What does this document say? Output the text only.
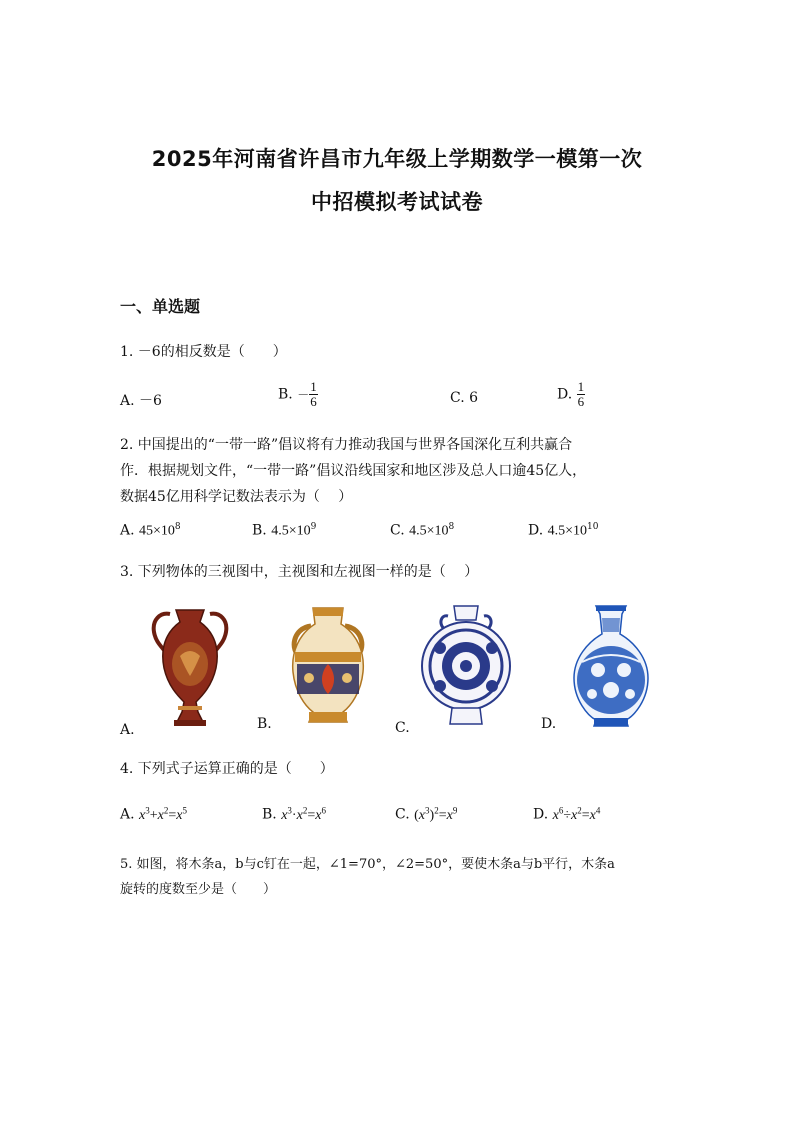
2025年河南省许昌市九年级上学期数学一模第一次
中招模拟考试试卷
一、单选题
1. －6的相反数是（　　）
A. －6	B. － $\frac{1}{6}$	C. 6	D. $\frac{1}{6}$
2. 中国提出的“一带一路”倡议将有力推动我国与世界各国深化互利共赢合
作．根据规划文件，“一带一路”倡议沿线国家和地区涉及总人口逾45亿人，
数据45亿用科学记数法表示为（　 ）
A. $45\times 10^8$	B. $4.5\times 10^9$	C. $4.5\times 10^8$	D. $4.5\times 10^{10}$
3. 下列物体的三视图中，主视图和左视图一样的是（　 ）
A.	B.	C.	D.
4. 下列式子运算正确的是（　　）
A. $x^3+x^2=x^5$	B. $x^3\cdot x^2=x^6$	C. $(x^3)^2=x^9$	D. $x^6\div x^2=x^4$
5. 如图，将木条a，b与c钉在一起，∠1=70°，∠2=50°，要使木条a与b平行，木条a
旋转的度数至少是（　　）
